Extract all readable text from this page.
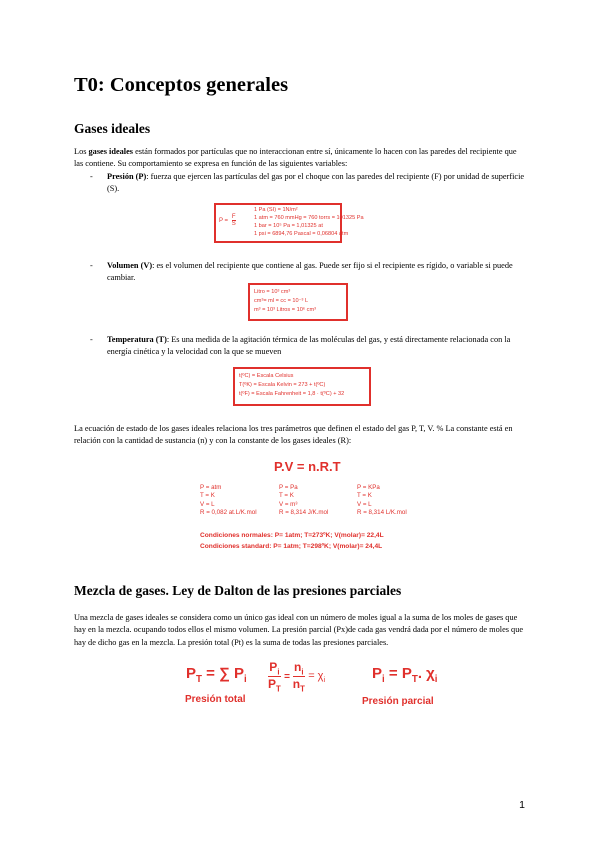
T0: Conceptos generales
Gases ideales

Los gases ideales están formados por partículas que no interaccionan entre sí, únicamente lo hacen con las paredes del recipiente que las contiene. Su comportamiento se expresa en función de las siguientes variables:

- Presión (P): fuerza que ejercen las partículas del gas por el choque con las paredes del recipiente (F) por unidad de superficie (S).
$P = \frac{F}{S}$
1 Pa (SI) = 1N/m²
1 atm = 760 mmHg = 760 torrs = 101325 Pa
1 bar = 10⁵ Pa = 1,01325 at
1 psi = 6894,76 Pascal = 0,06804 atm
- Volumen (V): es el volumen del recipiente que contiene al gas. Puede ser fijo si el recipiente es rígido, o variable si puede cambiar.
Litro = 10³ cm³
cm³= ml = cc = 10⁻³ L
m³ = 10³ Litros = 10⁶ cm³
- Temperatura (T): Es una medida de la agitación térmica de las moléculas del gas, y está directamente relacionada con la energía cinética y la velocidad con la que se mueven
t(ºC) = Escala Celsius
T(ºK) = Escala Kelvin = 273 + t(ºC)
t(ºF) = Escala Fahrenheit = 1,8 · t(ºC) + 32

La ecuación de estado de los gases ideales relaciona los tres parámetros que definen el estado del gas P, T, V. % La constante está en relación con la cantidad de sustancia (n) y con la constante de los gases ideales (R):

P.V = n.R.T
P = atm
T = K
V = L
R = 0,082 at.L/K.mol
P = Pa
T = K
V = m³
R = 8,314 J/K.mol
P = KPa
T = K
V = L
R = 8,314 L/K.mol
Condiciones normales: P= 1atm; T=273ºK; V(molar)= 22,4L
Condiciones standard: P= 1atm; T=298ºK; V(molar)= 24,4L
Mezcla de gases. Ley de Dalton de las presiones parciales

Una mezcla de gases ideales se considera como un único gas ideal con un número de moles igual a la suma de los moles de gases que hay en la mezcla. ocupando todos ellos el mismo volumen. La presión parcial (Px)de cada gas vendrá dada por el número de moles que hay de dicho gas en la mezcla. La presión total (Pt) es la suma de todas las presiones parciales.

$P_T$ = ∑ $P_i$
Presión total
$\frac{P_i}{P_T} = \frac{n_i}{n_T} = \chi_i$	$P_i = P_T$. $\chi_i$
Presión parcial
1
